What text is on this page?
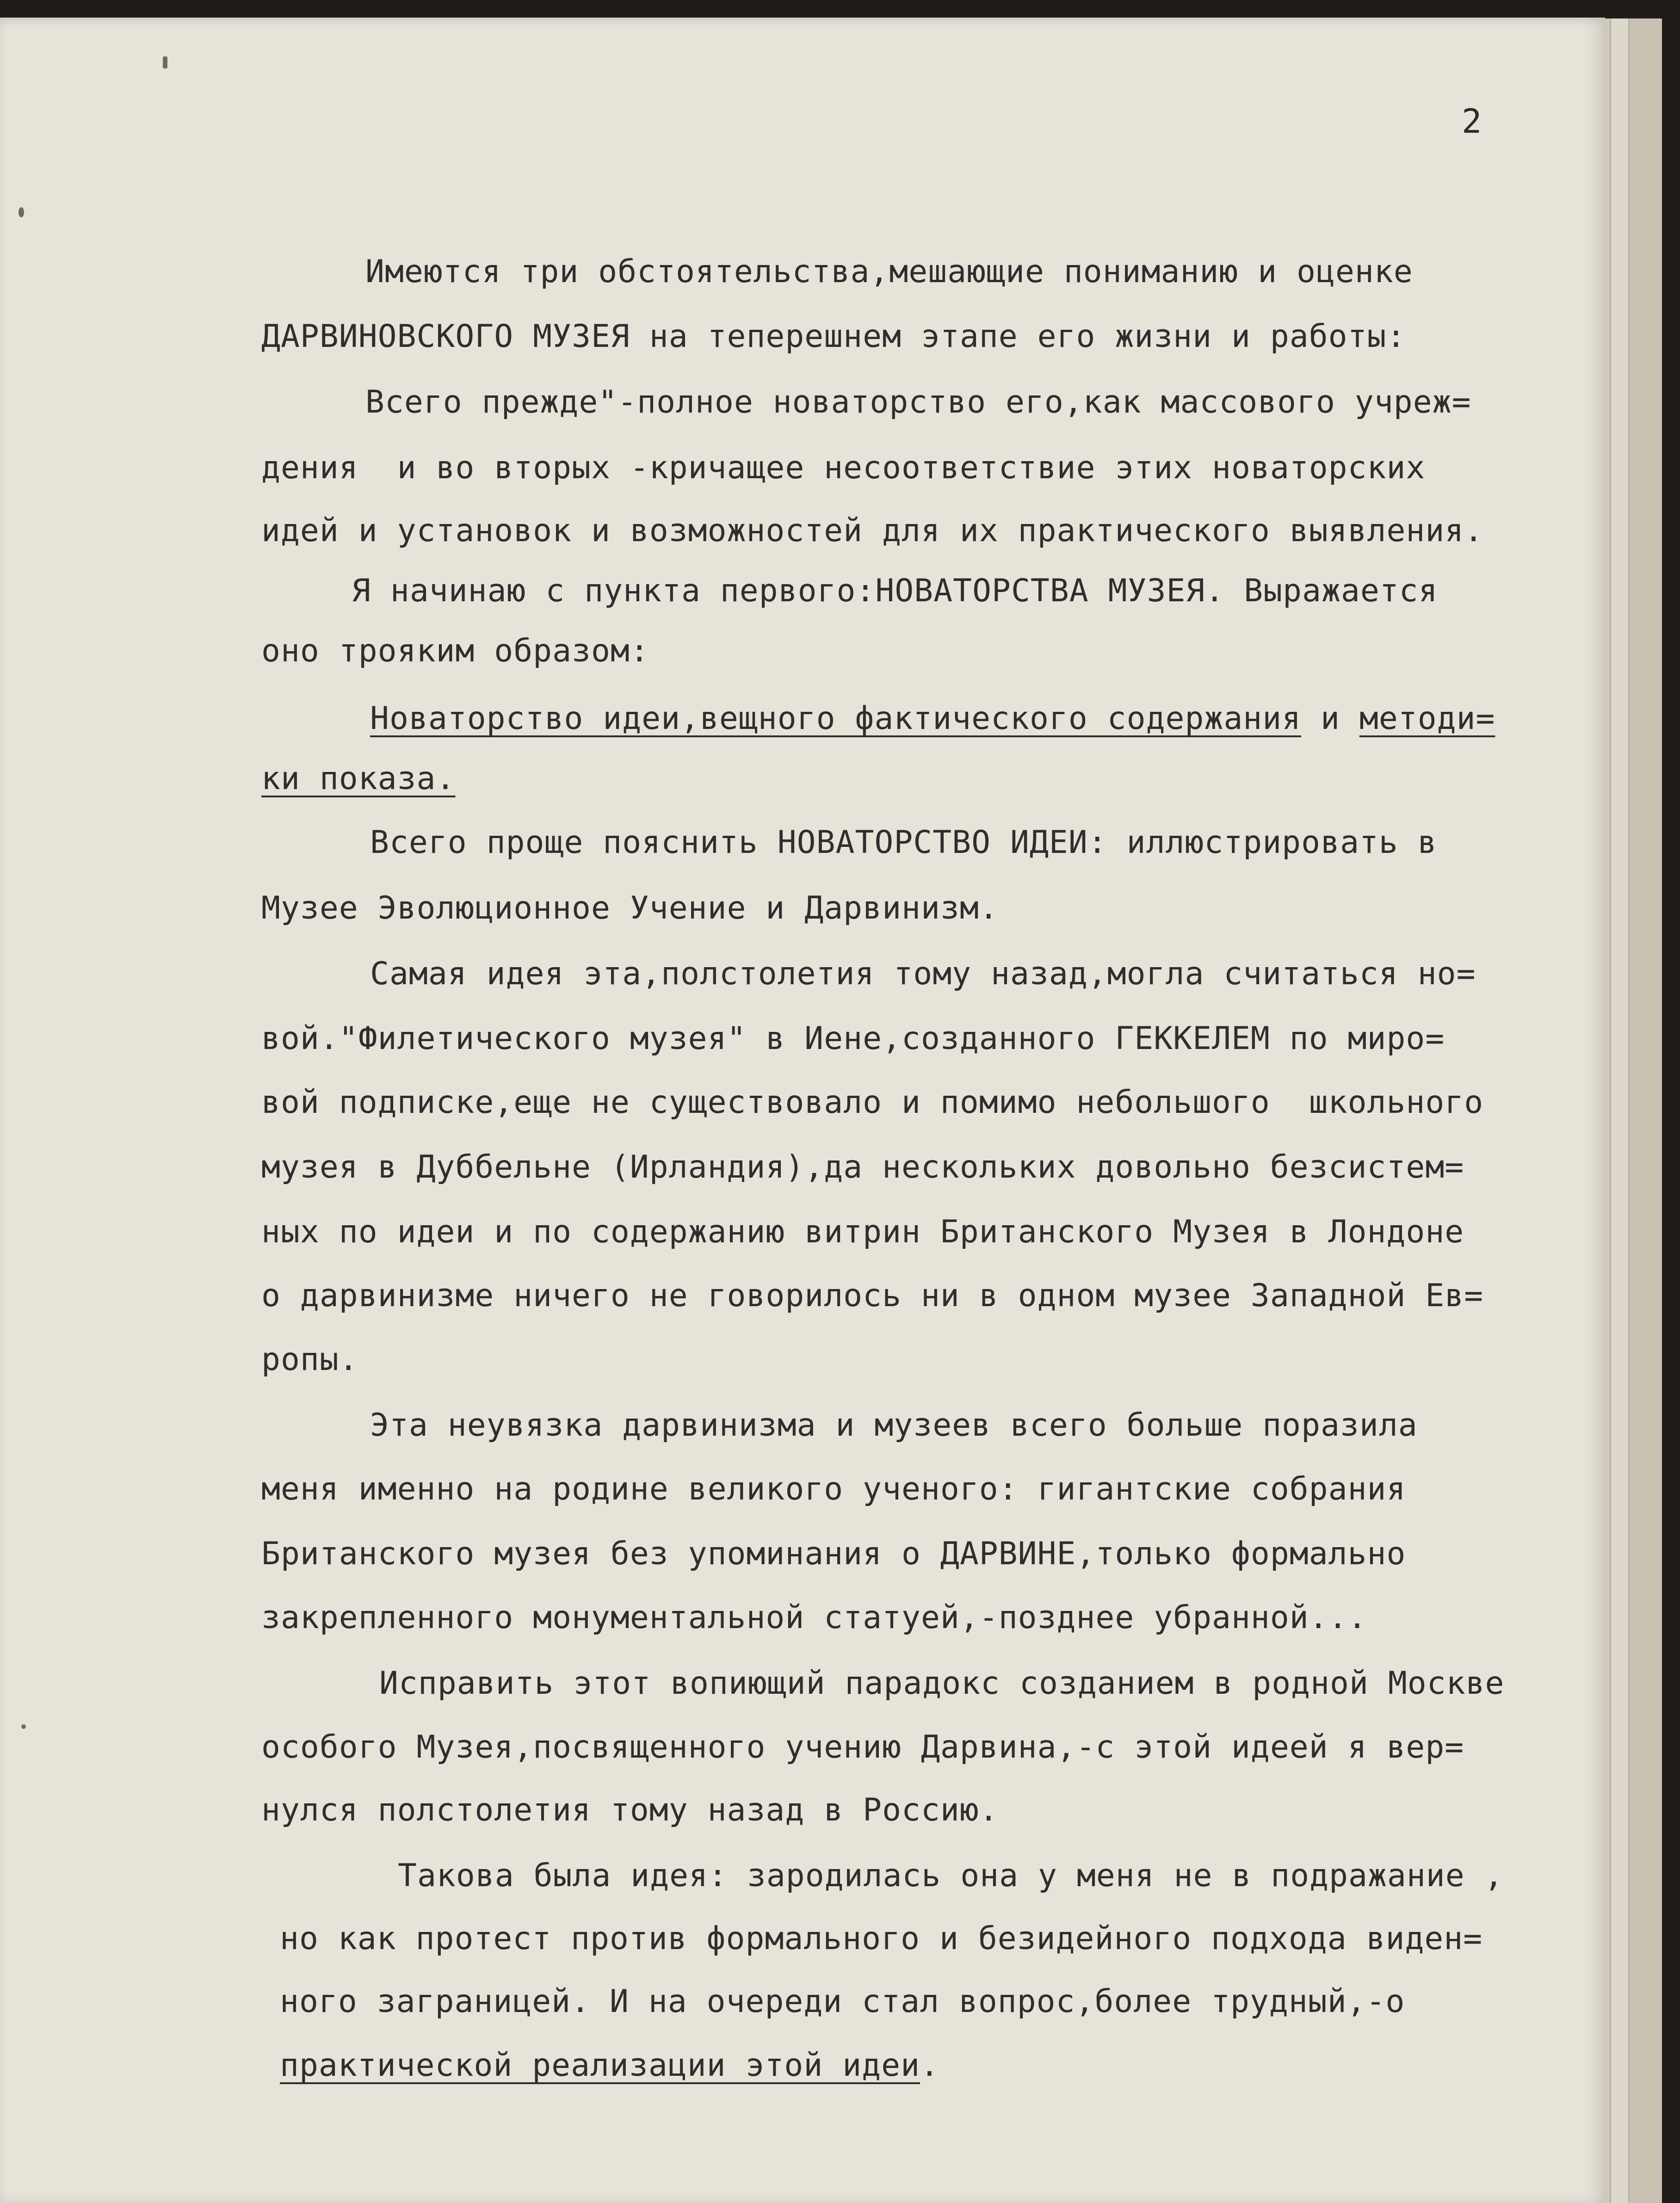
2
Имеются три обстоятельства,мешающие пониманию и оценке
ДАРВИНОВСКОГО МУЗЕЯ на теперешнем этапе его жизни и работы:
Всего прежде"-полное новаторство его,как массового учреж=
дения  и во вторых -кричащее несоответствие этих новаторских
идей и установок и возможностей для их практического выявления.
Я начинаю с пункта первого:НОВАТОРСТВА МУЗЕЯ. Выражается
оно трояким образом:
Новаторство идеи,вещного фактического содержания и методи=
ки показа.
Всего проще пояснить НОВАТОРСТВО ИДЕИ: иллюстрировать в
Музее Эволюционное Учение и Дарвинизм.
Самая идея эта,полстолетия тому назад,могла считаться но=
вой."Филетического музея" в Иене,созданного ГЕККЕЛЕМ по миро=
вой подписке,еще не существовало и помимо небольшого  школьного
музея в Дуббельне (Ирландия),да нескольких довольно безсистем=
ных по идеи и по содержанию витрин Британского Музея в Лондоне
о дарвинизме ничего не говорилось ни в одном музее Западной Ев=
ропы.
Эта неувязка дарвинизма и музеев всего больше поразила
меня именно на родине великого ученого: гигантские собрания
Британского музея без упоминания о ДАРВИНЕ,только формально
закрепленного монументальной статуей,-позднее убранной...
Исправить этот вопиющий парадокс созданием в родной Москве
особого Музея,посвященного учению Дарвина,-с этой идеей я вер=
нулся полстолетия тому назад в Россию.
Такова была идея: зародилась она у меня не в подражание ,
но как протест против формального и безидейного подхода виден=
ного заграницей. И на очереди стал вопрос,более трудный,-о
практической реализации этой идеи.
